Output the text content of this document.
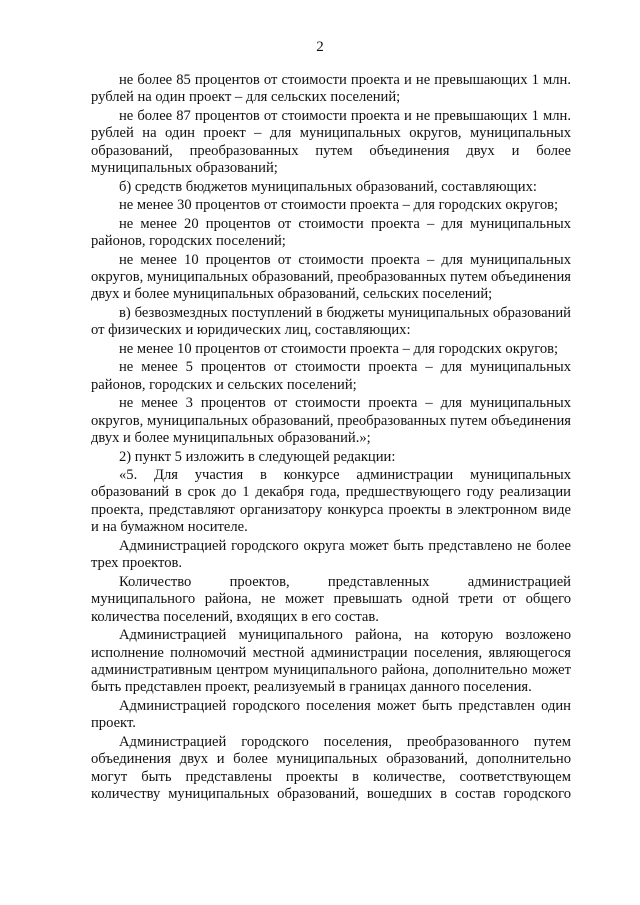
2

не более 85 процентов от стоимости проекта и не превышающих 1 млн. рублей на один проект – для сельских поселений;

не более 87 процентов от стоимости проекта и не превышающих 1 млн. рублей на один проект – для муниципальных округов, муниципальных образований, преобразованных путем объединения двух и более муниципальных образований;

б) средств бюджетов муниципальных образований, составляющих:

не менее 30 процентов от стоимости проекта – для городских округов;

не менее 20 процентов от стоимости проекта – для муниципальных районов, городских поселений;

не менее 10 процентов от стоимости проекта – для муниципальных округов, муниципальных образований, преобразованных путем объединения двух и более муниципальных образований, сельских поселений;

в) безвозмездных поступлений в бюджеты муниципальных образований от физических и юридических лиц, составляющих:

не менее 10 процентов от стоимости проекта – для городских округов;

не менее 5 процентов от стоимости проекта – для муниципальных районов, городских и сельских поселений;

не менее 3 процентов от стоимости проекта – для муниципальных округов, муниципальных образований, преобразованных путем объединения двух и более муниципальных образований.»;

2) пункт 5 изложить в следующей редакции:

«5. Для участия в конкурсе администрации муниципальных образований в срок до 1 декабря года, предшествующего году реализации проекта, представляют организатору конкурса проекты в электронном виде и на бумажном носителе.

Администрацией городского округа может быть представлено не более трех проектов.

Количество проектов, представленных администрацией муниципального района, не может превышать одной трети от общего количества поселений, входящих в его состав.

Администрацией муниципального района, на которую возложено исполнение полномочий местной администрации поселения, являющегося административным центром муниципального района, дополнительно может быть представлен проект, реализуемый в границах данного поселения.

Администрацией городского поселения может быть представлен один проект.

Администрацией городского поселения, преобразованного путем объединения двух и более муниципальных образований, дополнительно могут быть представлены проекты в количестве, соответствующем количеству муниципальных образований, вошедших в состав городского
